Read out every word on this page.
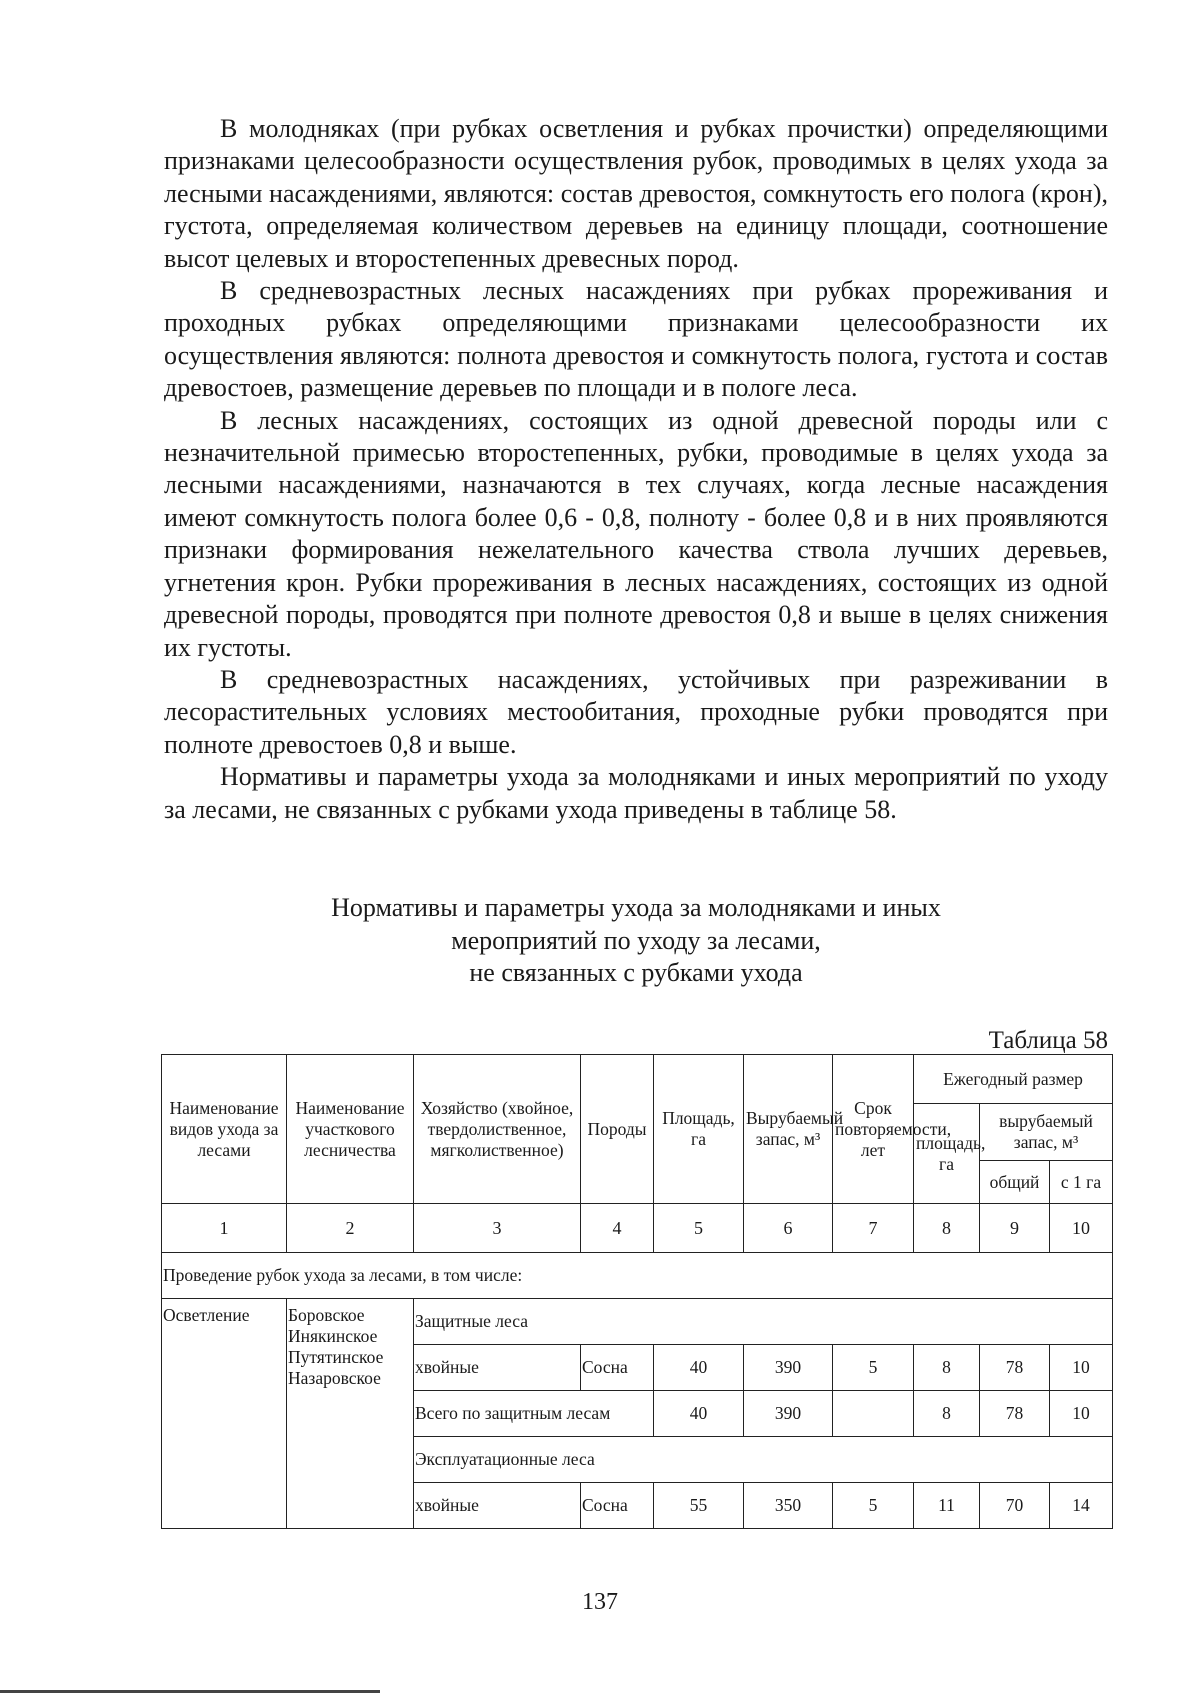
В молодняках (при рубках осветления и рубках прочистки) определяющими признаками целесообразности осуществления рубок, проводимых в целях ухода за лесными насаждениями, являются: состав древостоя, сомкнутость его полога (крон), густота, определяемая количеством деревьев на единицу площади, соотношение высот целевых и второстепенных древесных пород.

В средневозрастных лесных насаждениях при рубках прореживания и проходных рубках определяющими признаками целесообразности их осуществления являются: полнота древостоя и сомкнутость полога, густота и состав древостоев, размещение деревьев по площади и в пологе леса.

В лесных насаждениях, состоящих из одной древесной породы или с незначительной примесью второстепенных, рубки, проводимые в целях ухода за лесными насаждениями, назначаются в тех случаях, когда лесные насаждения имеют сомкнутость полога более 0,6 - 0,8, полноту - более 0,8 и в них проявляются признаки формирования нежелательного качества ствола лучших деревьев, угнетения крон. Рубки прореживания в лесных насаждениях, состоящих из одной древесной породы, проводятся при полноте древостоя 0,8 и выше в целях снижения их густоты.

В средневозрастных насаждениях, устойчивых при разреживании в лесорастительных условиях местообитания, проходные рубки проводятся при полноте древостоев 0,8 и выше.

Нормативы и параметры ухода за молодняками и иных мероприятий по уходу за лесами, не связанных с рубками ухода приведены в таблице 58.

Нормативы и параметры ухода за молодняками и иных
мероприятий по уходу за лесами,
не связанных с рубками ухода
Таблица 58
Наименование видов ухода за лесами	Наименование участкового лесничества	Хозяйство (хвойное, твердолиственное, мягколиственное)	Породы	Площадь, га	Вырубаемый запас, м³	Срок повторяемости, лет	Ежегодный размер		
							площадь, га	вырубаемый запас, м³	
								общий	с 1 га
1	2	3	4	5	6	7	8	9	10
Проведение рубок ухода за лесами, в том числе:									
Осветление	Боровское Инякинское Путятинское Назаровское	Защитные леса							
		хвойные	Сосна	40	390	5	8	78	10
		Всего по защитным лесам		40	390		8	78	10
		Эксплуатационные леса							
		хвойные	Сосна	55	350	5	11	70	14
137
